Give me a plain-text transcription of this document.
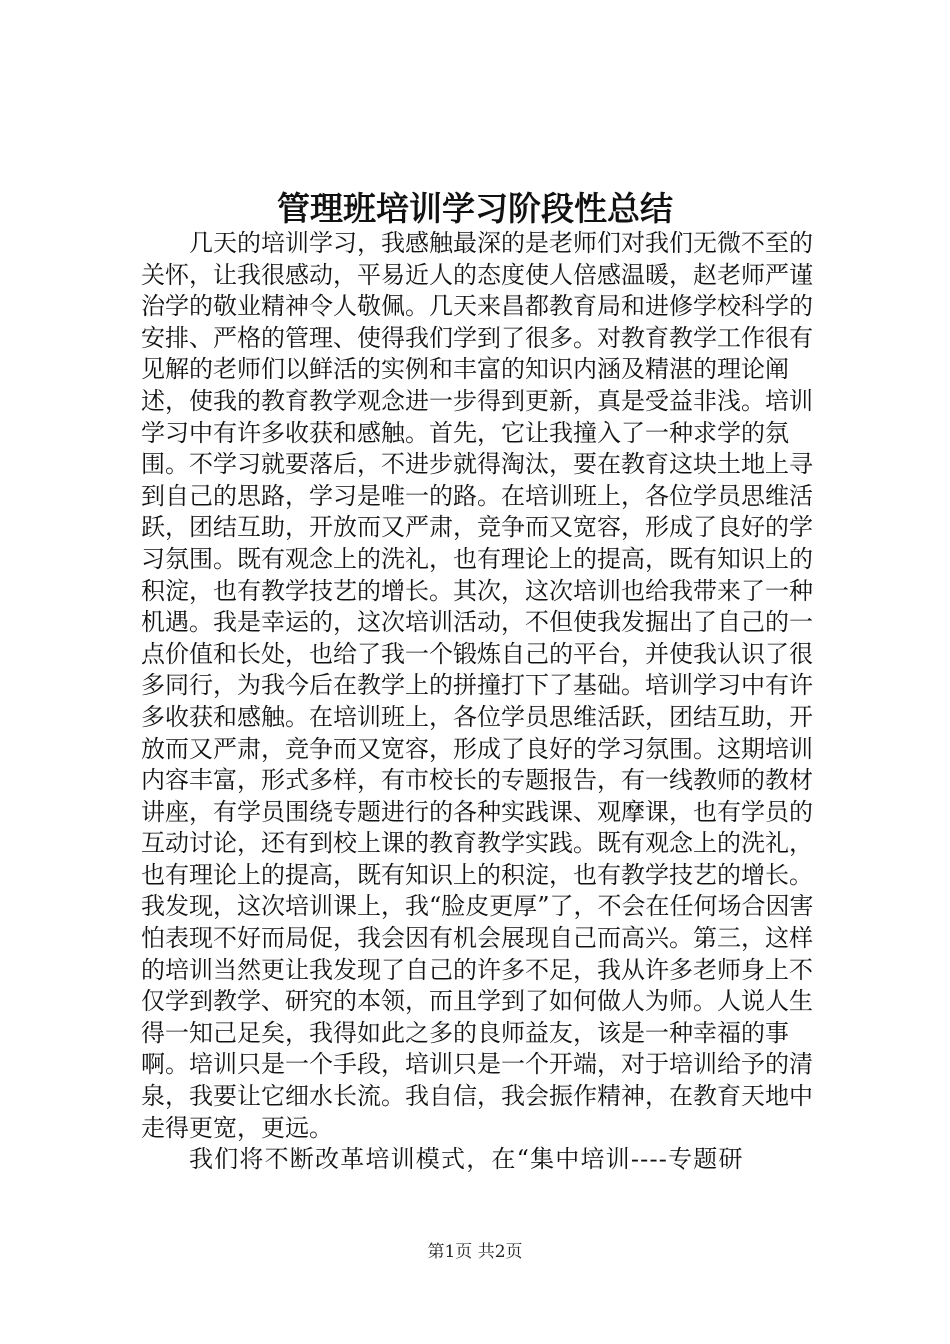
管理班培训学习阶段性总结

几天的培训学习，我感触最深的是老师们对我们无微不至的关怀，让我很感动，平易近人的态度使人倍感温暖，赵老师严谨治学的敬业精神令人敬佩。几天来昌都教育局和进修学校科学的安排、严格的管理、使得我们学到了很多。对教育教学工作很有见解的老师们以鲜活的实例和丰富的知识内涵及精湛的理论阐述，使我的教育教学观念进一步得到更新，真是受益非浅。培训学习中有许多收获和感触。首先，它让我撞入了一种求学的氛围。不学习就要落后，不进步就得淘汰，要在教育这块土地上寻到自己的思路，学习是唯一的路。在培训班上，各位学员思维活跃，团结互助，开放而又严肃，竞争而又宽容，形成了良好的学习氛围。既有观念上的洗礼，也有理论上的提高，既有知识上的积淀，也有教学技艺的增长。其次，这次培训也给我带来了一种机遇。我是幸运的，这次培训活动，不但使我发掘出了自己的一点价值和长处，也给了我一个锻炼自己的平台，并使我认识了很多同行，为我今后在教学上的拼撞打下了基础。培训学习中有许多收获和感触。在培训班上，各位学员思维活跃，团结互助，开放而又严肃，竞争而又宽容，形成了良好的学习氛围。这期培训内容丰富，形式多样，有市校长的专题报告，有一线教师的教材讲座，有学员围绕专题进行的各种实践课、观摩课，也有学员的互动讨论，还有到校上课的教育教学实践。既有观念上的洗礼，也有理论上的提高，既有知识上的积淀，也有教学技艺的增长。我发现，这次培训课上，我“脸皮更厚”了，不会在任何场合因害怕表现不好而局促，我会因有机会展现自己而高兴。第三，这样的培训当然更让我发现了自己的许多不足，我从许多老师身上不仅学到教学、研究的本领，而且学到了如何做人为师。人说人生得一知己足矣，我得如此之多的良师益友，该是一种幸福的事啊。培训只是一个手段，培训只是一个开端，对于培训给予的清泉，我要让它细水长流。我自信，我会振作精神，在教育天地中走得更宽，更远。

我们将不断改革培训模式，在“集中培训----专题研

第1页 共2页
